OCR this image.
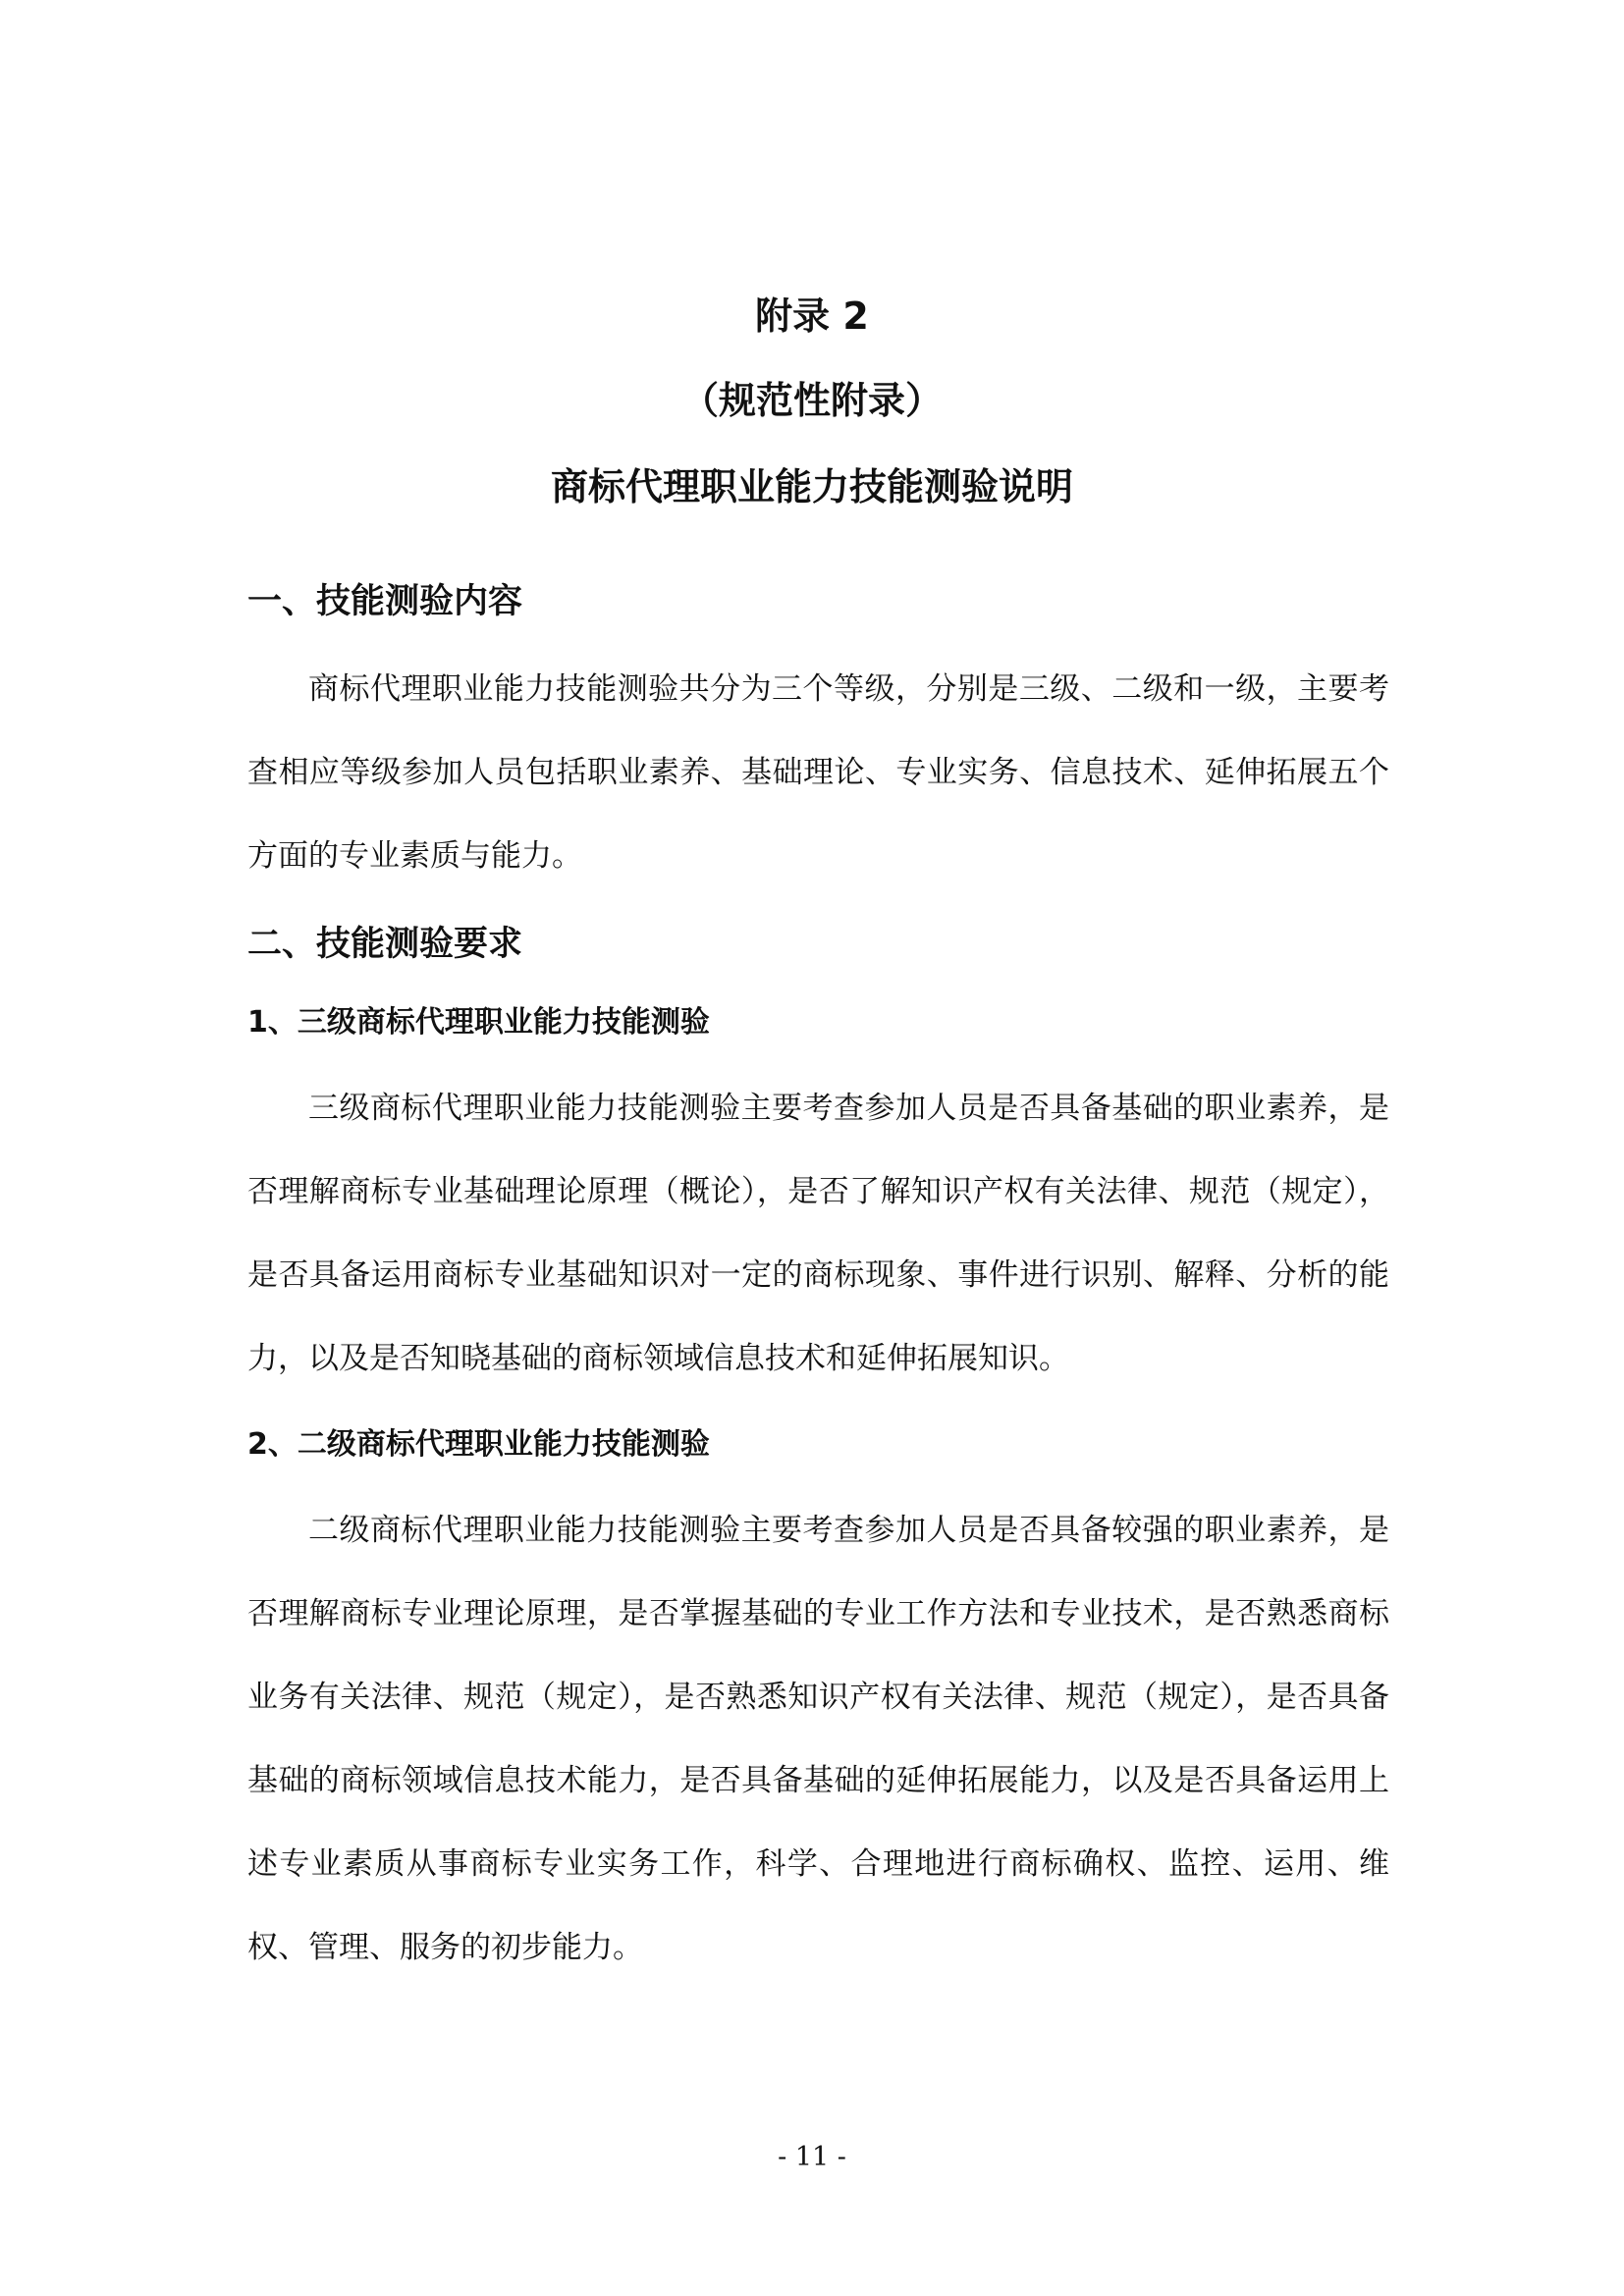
附录 2
（规范性附录）
商标代理职业能力技能测验说明
一、技能测验内容

商标代理职业能力技能测验共分为三个等级，分别是三级、二级和一级，主要考查相应等级参加人员包括职业素养、基础理论、专业实务、信息技术、延伸拓展五个方面的专业素质与能力。

二、技能测验要求
1、三级商标代理职业能力技能测验

三级商标代理职业能力技能测验主要考查参加人员是否具备基础的职业素养，是否理解商标专业基础理论原理（概论），是否了解知识产权有关法律、规范（规定），是否具备运用商标专业基础知识对一定的商标现象、事件进行识别、解释、分析的能力，以及是否知晓基础的商标领域信息技术和延伸拓展知识。

2、二级商标代理职业能力技能测验

二级商标代理职业能力技能测验主要考查参加人员是否具备较强的职业素养，是否理解商标专业理论原理，是否掌握基础的专业工作方法和专业技术，是否熟悉商标业务有关法律、规范（规定），是否熟悉知识产权有关法律、规范（规定），是否具备基础的商标领域信息技术能力，是否具备基础的延伸拓展能力，以及是否具备运用上述专业素质从事商标专业实务工作，科学、合理地进行商标确权、监控、运用、维权、管理、服务的初步能力。

- 11 -
